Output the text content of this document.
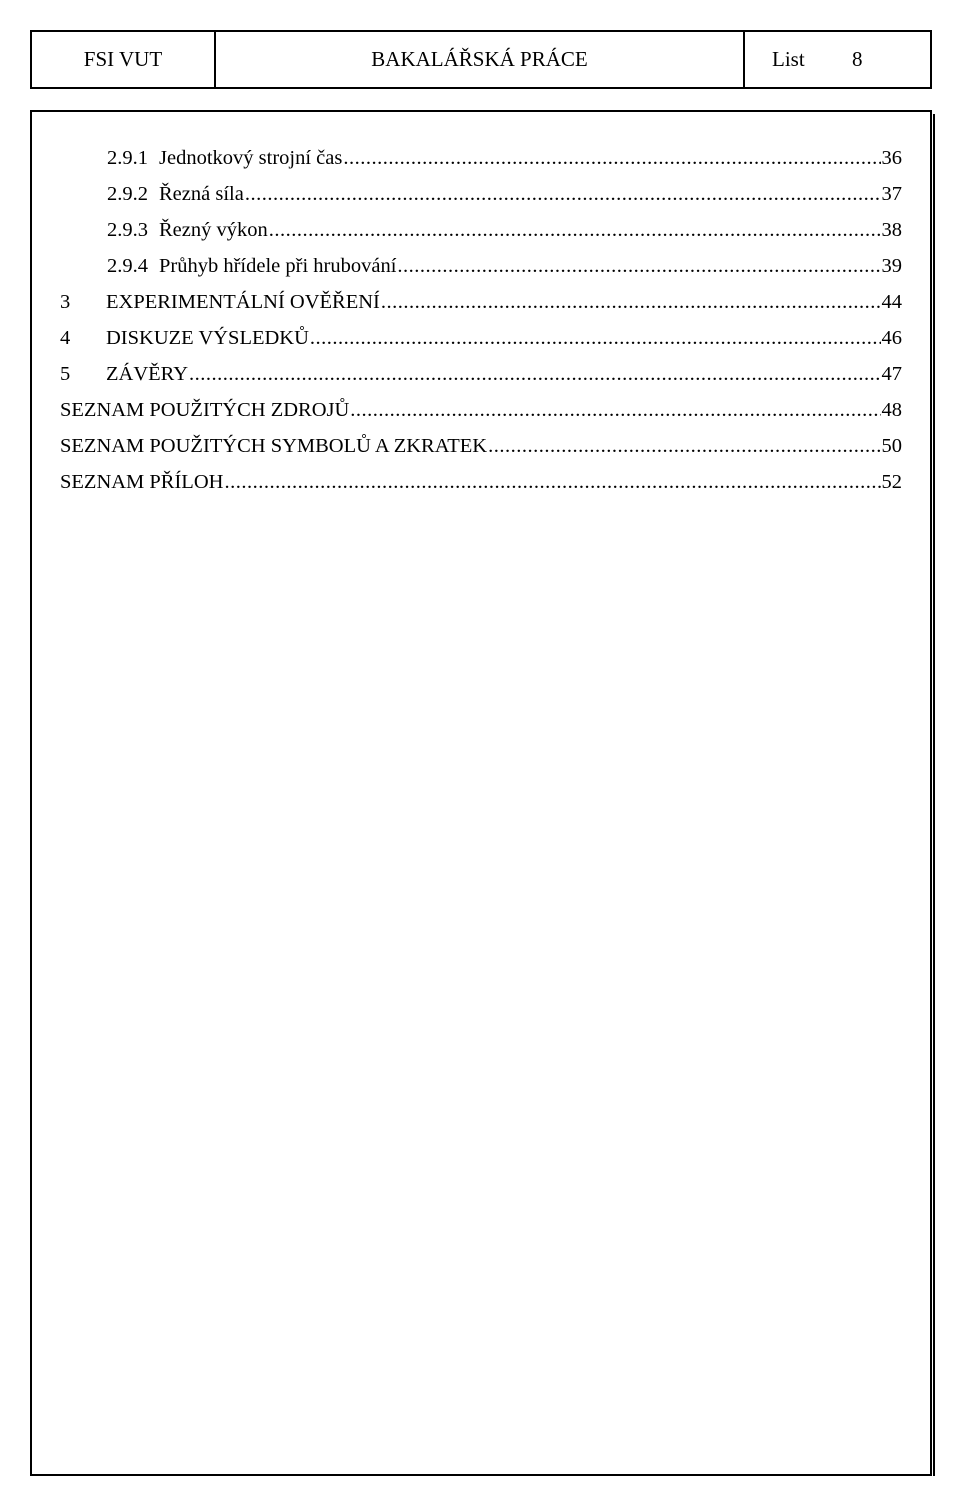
FSI VUT	BAKALÁŘSKÁ PRÁCE	List	8
2.9.1 Jednotkový strojní čas .....	36
2.9.2 Řezná síla .....	37
2.9.3 Řezný výkon .....	38
2.9.4 Průhyb hřídele při hrubování .....	39
3	EXPERIMENTÁLNÍ OVĚŘENÍ .....	44
4	DISKUZE VÝSLEDKŮ .....	46
5	ZÁVĚRY .....	47
SEZNAM POUŽITÝCH ZDROJŮ .....	48
SEZNAM POUŽITÝCH SYMBOLŮ A ZKRATEK .....	50
SEZNAM PŘÍLOH .....	52
